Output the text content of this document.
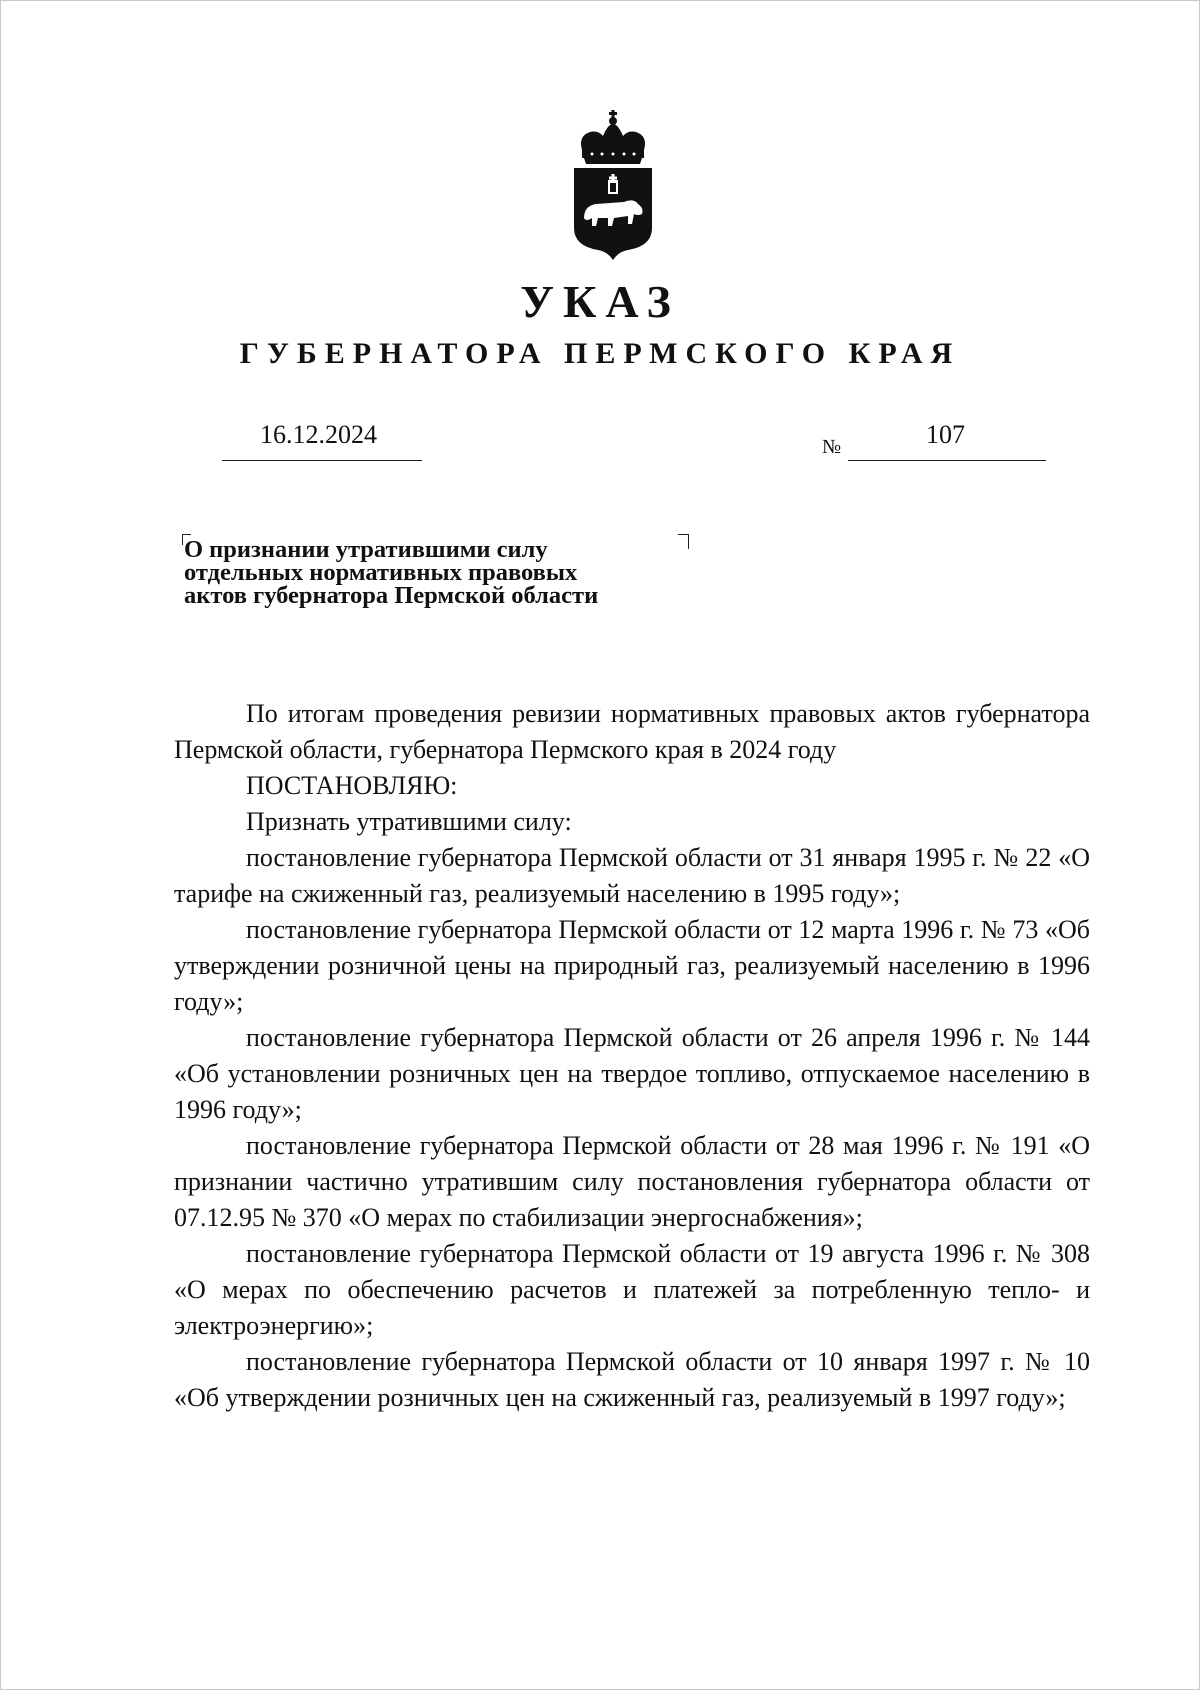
УКАЗ
ГУБЕРНАТОРА ПЕРМСКОГО КРАЯ
16.12.2024	№	107
О признании утратившими силу
отдельных нормативных правовых
актов губернатора Пермской области

По итогам проведения ревизии нормативных правовых актов губернатора Пермской области, губернатора Пермского края в 2024 году

ПОСТАНОВЛЯЮ:

Признать утратившими силу:

постановление губернатора Пермской области от 31 января 1995 г. № 22 «О тарифе на сжиженный газ, реализуемый населению в 1995 году»;

постановление губернатора Пермской области от 12 марта 1996 г. № 73 «Об утверждении розничной цены на природный газ, реализуемый населению в 1996 году»;

постановление губернатора Пермской области от 26 апреля 1996 г. № 144 «Об установлении розничных цен на твердое топливо, отпускаемое населению в 1996 году»;

постановление губернатора Пермской области от 28 мая 1996 г. № 191 «О признании частично утратившим силу постановления губернатора области от 07.12.95 № 370 «О мерах по стабилизации энергоснабжения»;

постановление губернатора Пермской области от 19 августа 1996 г. № 308 «О мерах по обеспечению расчетов и платежей за потребленную тепло- и электроэнергию»;

постановление губернатора Пермской области от 10 января 1997 г. № 10 «Об утверждении розничных цен на сжиженный газ, реализуемый в 1997 году»;
